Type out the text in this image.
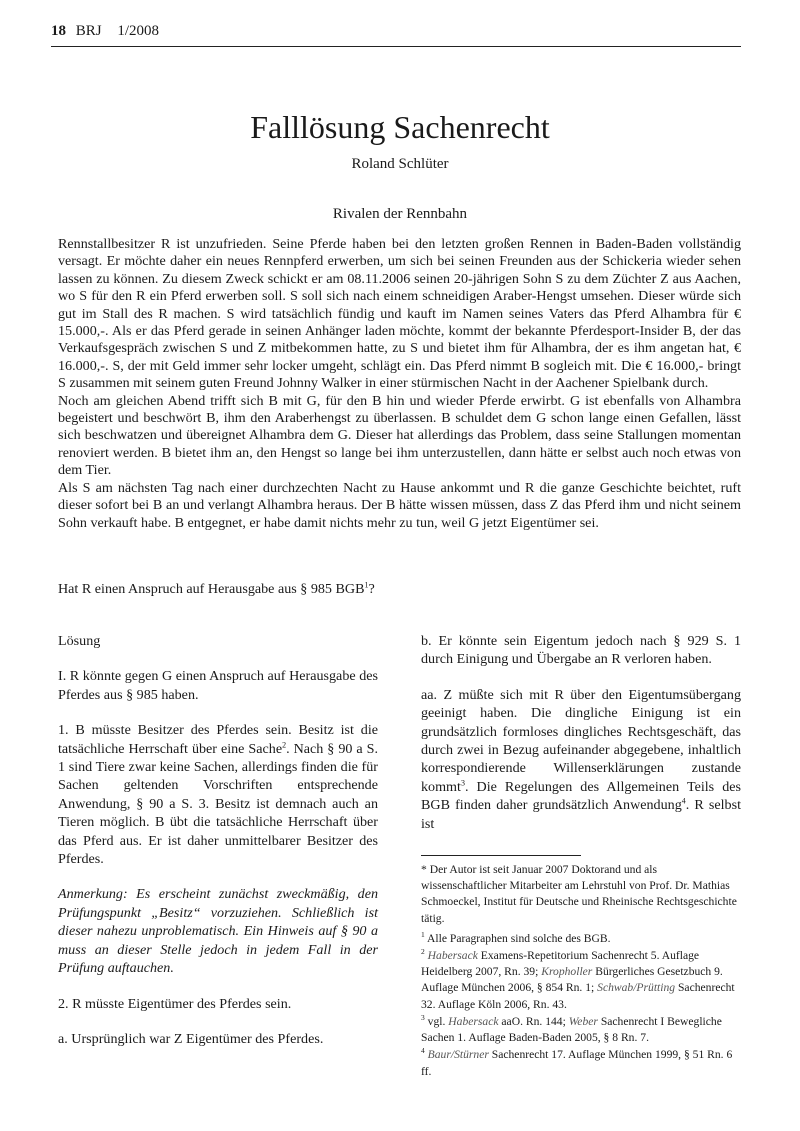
18 BRJ 1/2008
Falllösung Sachenrecht
Roland Schlüter
Rivalen der Rennbahn

Rennstallbesitzer R ist unzufrieden. Seine Pferde haben bei den letzten großen Rennen in Baden-Baden vollständig versagt. Er möchte daher ein neues Rennpferd erwerben, um sich bei seinen Freunden aus der Schickeria wieder sehen lassen zu können. Zu diesem Zweck schickt er am 08.11.2006 seinen 20-jährigen Sohn S zu dem Züchter Z aus Aachen, wo S für den R ein Pferd erwerben soll. S soll sich nach einem schneidigen Araber-Hengst umsehen. Dieser würde sich gut im Stall des R machen. S wird tatsächlich fündig und kauft im Namen seines Vaters das Pferd Alhambra für € 15.000,-. Als er das Pferd gerade in seinen Anhänger laden möchte, kommt der bekannte Pferdesport-Insider B, der das Verkaufsgespräch zwischen S und Z mitbekommen hatte, zu S und bietet ihm für Alhambra, der es ihm angetan hat, € 16.000,-. S, der mit Geld immer sehr locker umgeht, schlägt ein. Das Pferd nimmt B sogleich mit. Die € 16.000,- bringt S zusammen mit seinem guten Freund Johnny Walker in einer stürmischen Nacht in der Aachener Spielbank durch.

Noch am gleichen Abend trifft sich B mit G, für den B hin und wieder Pferde erwirbt. G ist ebenfalls von Alhambra begeistert und beschwört B, ihm den Araberhengst zu überlassen. B schuldet dem G schon lange einen Gefallen, lässt sich beschwatzen und übereignet Alhambra dem G. Dieser hat allerdings das Problem, dass seine Stallungen momentan renoviert werden. B bietet ihm an, den Hengst so lange bei ihm unterzustellen, dann hätte er selbst auch noch etwas von dem Tier.

Als S am nächsten Tag nach einer durchzechten Nacht zu Hause ankommt und R die ganze Geschichte beichtet, ruft dieser sofort bei B an und verlangt Alhambra heraus. Der B hätte wissen müssen, dass Z das Pferd ihm und nicht seinem Sohn verkauft habe. B entgegnet, er habe damit nichts mehr zu tun, weil G jetzt Eigentümer sei.

Hat R einen Anspruch auf Herausgabe aus § 985 BGB$^1$?

Lösung

I. R könnte gegen G einen Anspruch auf Herausgabe des Pferdes aus § 985 haben.

1. B müsste Besitzer des Pferdes sein. Besitz ist die tatsächliche Herrschaft über eine Sache$^2$. Nach § 90 a S. 1 sind Tiere zwar keine Sachen, allerdings finden die für Sachen geltenden Vorschriften entsprechende Anwendung, § 90 a S. 3. Besitz ist demnach auch an Tieren möglich. B übt die tatsächliche Herrschaft über das Pferd aus. Er ist daher unmittelbarer Besitzer des Pferdes.

Anmerkung: Es erscheint zunächst zweckmäßig, den Prüfungspunkt „Besitz“ vorzuziehen. Schließlich ist dieser nahezu unproblematisch. Ein Hinweis auf § 90 a muss an dieser Stelle jedoch in jedem Fall in der Prüfung auftauchen.

2. R müsste Eigentümer des Pferdes sein.

a. Ursprünglich war Z Eigentümer des Pferdes.

b. Er könnte sein Eigentum jedoch nach § 929 S. 1 durch Einigung und Übergabe an R verloren haben.

aa. Z müßte sich mit R über den Eigentumsübergang geeinigt haben. Die dingliche Einigung ist ein grundsätzlich formloses dingliches Rechtsgeschäft, das durch zwei in Bezug aufeinander abgegebene, inhaltlich korrespondierende Willenserklärungen zustande kommt$^3$. Die Regelungen des Allgemeinen Teils des BGB finden daher grundsätzlich Anwendung$^4$. R selbst ist

* Der Autor ist seit Januar 2007 Doktorand und als wissenschaftlicher Mitarbeiter am Lehrstuhl von Prof. Dr. Mathias Schmoeckel, Institut für Deutsche und Rheinische Rechtsgeschichte tätig.
$^1$ Alle Paragraphen sind solche des BGB.
$^2$ Habersack Examens-Repetitorium Sachenrecht 5. Auflage Heidelberg 2007, Rn. 39; Kropholler Bürgerliches Gesetzbuch 9. Auflage München 2006, § 854 Rn. 1; Schwab/Prütting Sachenrecht 32. Auflage Köln 2006, Rn. 43.
$^3$ vgl. Habersack aaO. Rn. 144; Weber Sachenrecht I Bewegliche Sachen 1. Auflage Baden-Baden 2005, § 8 Rn. 7.
$^4$ Baur/Stürner Sachenrecht 17. Auflage München 1999, § 51 Rn. 6 ff.
